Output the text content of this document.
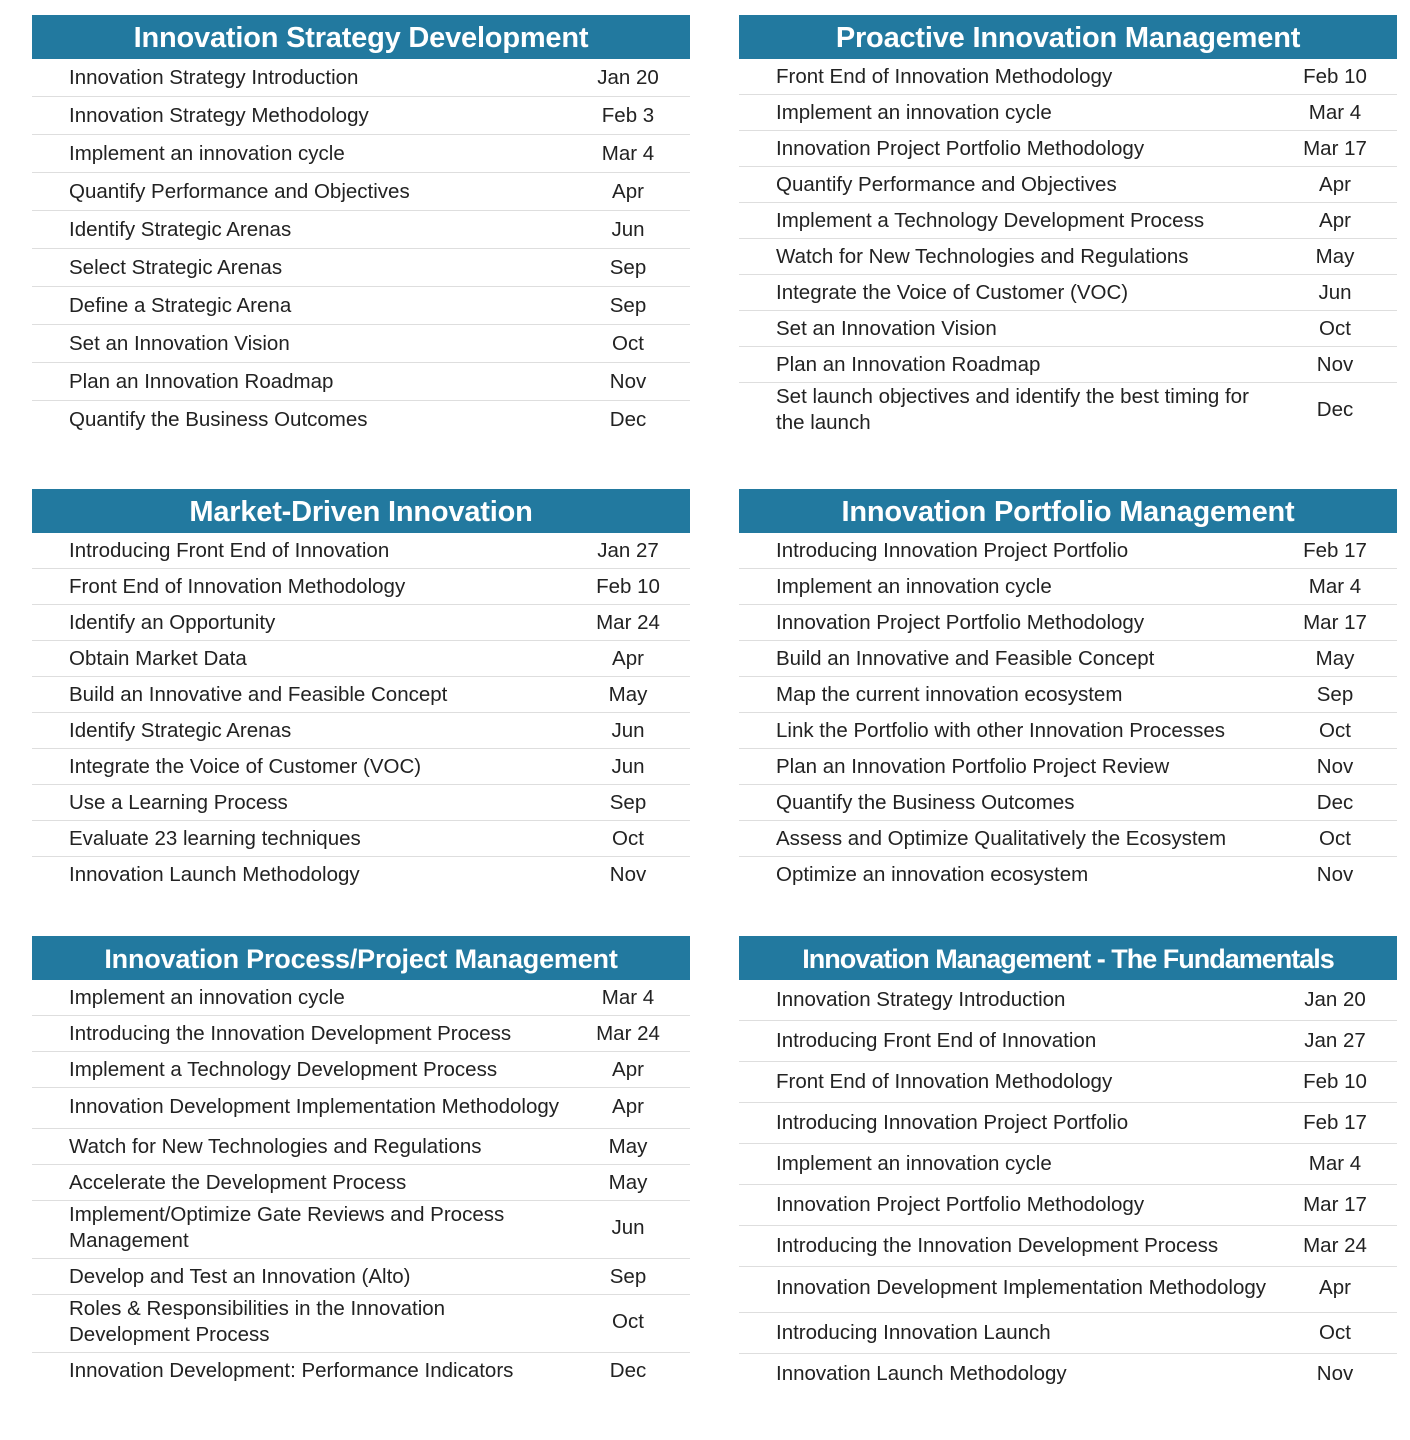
Innovation Strategy Development
Innovation Strategy Introduction	Jan 20
Innovation Strategy Methodology	Feb 3
Implement an innovation cycle	Mar 4
Quantify Performance and Objectives	Apr
Identify Strategic Arenas	Jun
Select Strategic Arenas	Sep
Define a Strategic Arena	Sep
Set an Innovation Vision	Oct
Plan an Innovation Roadmap	Nov
Quantify the Business Outcomes	Dec
Proactive Innovation Management
Front End of Innovation Methodology	Feb 10
Implement an innovation cycle	Mar 4
Innovation Project Portfolio Methodology	Mar 17
Quantify Performance and Objectives	Apr
Implement a Technology Development Process	Apr
Watch for New Technologies and Regulations	May
Integrate the Voice of Customer (VOC)	Jun
Set an Innovation Vision	Oct
Plan an Innovation Roadmap	Nov
Set launch objectives and identify the best timing for the launch
Dec
Market-Driven Innovation
Introducing Front End of Innovation	Jan 27
Front End of Innovation Methodology	Feb 10
Identify an Opportunity	Mar 24
Obtain Market Data	Apr
Build an Innovative and Feasible Concept	May
Identify Strategic Arenas	Jun
Integrate the Voice of Customer (VOC)	Jun
Use a Learning Process	Sep
Evaluate 23 learning techniques	Oct
Innovation Launch Methodology	Nov
Innovation Portfolio Management
Introducing Innovation Project Portfolio	Feb 17
Implement an innovation cycle	Mar 4
Innovation Project Portfolio Methodology	Mar 17
Build an Innovative and Feasible Concept	May
Map the current innovation ecosystem	Sep
Link the Portfolio with other Innovation Processes	Oct
Plan an Innovation Portfolio Project Review	Nov
Quantify the Business Outcomes	Dec
Assess and Optimize Qualitatively the Ecosystem	Oct
Optimize an innovation ecosystem	Nov
Innovation Process/Project Management
Implement an innovation cycle	Mar 4
Introducing the Innovation Development Process	Mar 24
Implement a Technology Development Process	Apr
Innovation Development Implementation Methodology	Apr
Watch for New Technologies and Regulations	May
Accelerate the Development Process	May
Implement/Optimize Gate Reviews and Process Management
Jun
Develop and Test an Innovation (Alto)	Sep
Roles & Responsibilities in the Innovation Development Process
Oct
Innovation Development: Performance Indicators	Dec
Innovation Management - The Fundamentals
Innovation Strategy Introduction	Jan 20
Introducing Front End of Innovation	Jan 27
Front End of Innovation Methodology	Feb 10
Introducing Innovation Project Portfolio	Feb 17
Implement an innovation cycle	Mar 4
Innovation Project Portfolio Methodology	Mar 17
Introducing the Innovation Development Process	Mar 24
Innovation Development Implementation Methodology	Apr
Introducing Innovation Launch	Oct
Innovation Launch Methodology	Nov
